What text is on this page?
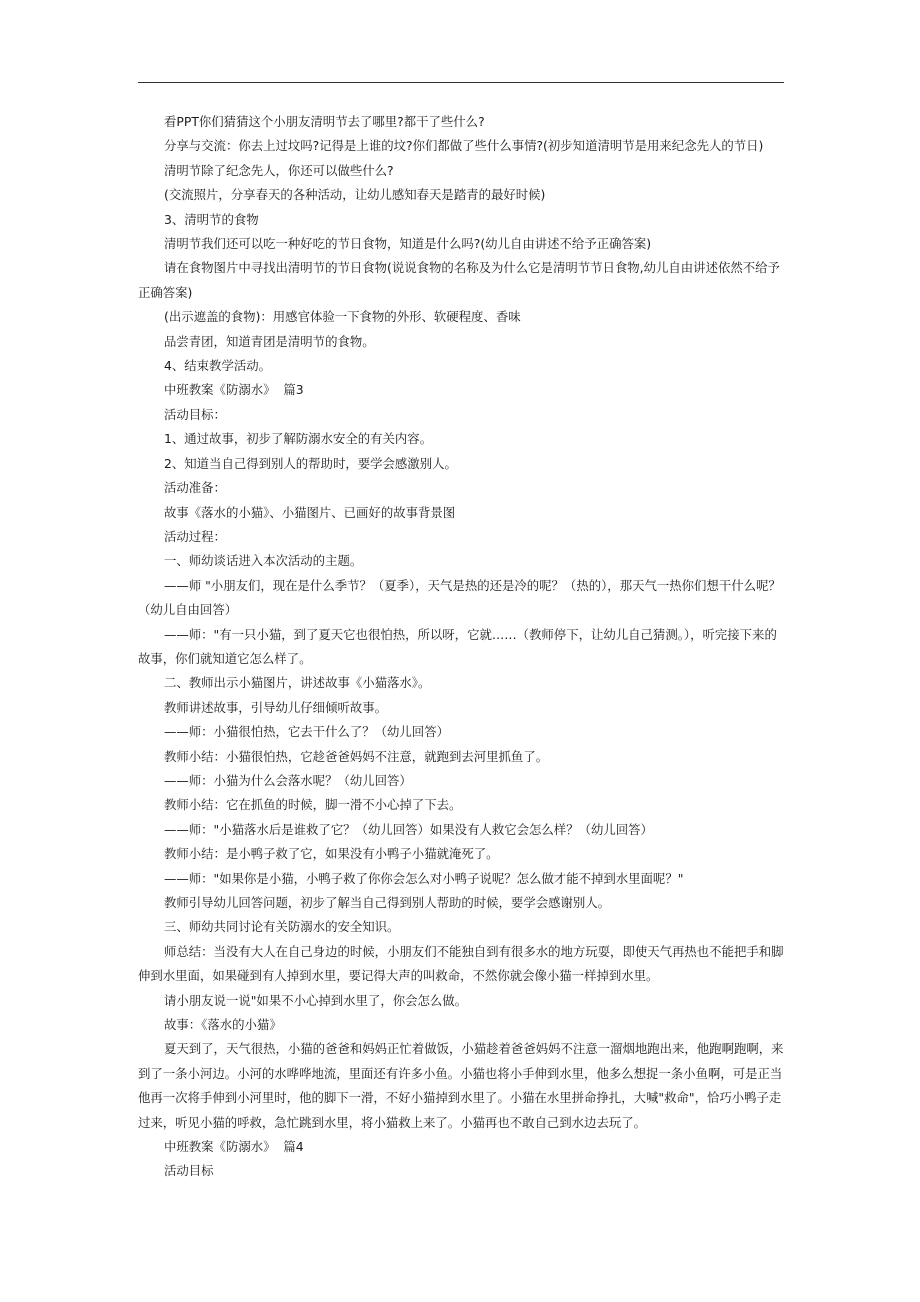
看PPT你们猜猜这个小朋友清明节去了哪里?都干了些什么?

分享与交流：你去上过坟吗?记得是上谁的坟?你们都做了些什么事情?(初步知道清明节是用来纪念先人的节日)

清明节除了纪念先人，你还可以做些什么?

(交流照片，分享春天的各种活动，让幼儿感知春天是踏青的最好时候)

3、清明节的食物

清明节我们还可以吃一种好吃的节日食物，知道是什么吗?(幼儿自由讲述不给予正确答案)

请在食物图片中寻找出清明节的节日食物(说说食物的名称及为什么它是清明节节日食物,幼儿自由讲述依然不给予正确答案)

(出示遮盖的食物)：用感官体验一下食物的外形、软硬程度、香味

品尝青团，知道青团是清明节的食物。

4、结束教学活动。

中班教案《防溺水》  篇3

活动目标：

1、通过故事，初步了解防溺水安全的有关内容。

2、知道当自己得到别人的帮助时，要学会感激别人。

活动准备：

故事《落水的小猫》、小猫图片、已画好的故事背景图

活动过程：

一、师幼谈话进入本次活动的主题。

——师 "小朋友们，现在是什么季节？（夏季），天气是热的还是冷的呢？（热的），那天气一热你们想干什么呢？（幼儿自由回答）

——师："有一只小猫，到了夏天它也很怕热，所以呀，它就……（教师停下，让幼儿自己猜测。），听完接下来的故事，你们就知道它怎么样了。

二、教师出示小猫图片，讲述故事《小猫落水》。

教师讲述故事，引导幼儿仔细倾听故事。

——师：小猫很怕热，它去干什么了？（幼儿回答）

教师小结：小猫很怕热，它趁爸爸妈妈不注意，就跑到去河里抓鱼了。

——师：小猫为什么会落水呢？（幼儿回答）

教师小结：它在抓鱼的时候，脚一滑不小心掉了下去。

——师："小猫落水后是谁救了它？（幼儿回答）如果没有人救它会怎么样？（幼儿回答）

教师小结：是小鸭子救了它，如果没有小鸭子小猫就淹死了。

——师："如果你是小猫，小鸭子救了你你会怎么对小鸭子说呢？怎么做才能不掉到水里面呢？"

教师引导幼儿回答问题，初步了解当自己得到别人帮助的时候，要学会感谢别人。

三、师幼共同讨论有关防溺水的安全知识。

师总结：当没有大人在自己身边的时候，小朋友们不能独自到有很多水的地方玩耍，即使天气再热也不能把手和脚伸到水里面，如果碰到有人掉到水里，要记得大声的叫救命，不然你就会像小猫一样掉到水里。

请小朋友说一说"如果不小心掉到水里了，你会怎么做。

故事：《落水的小猫》

夏天到了，天气很热，小猫的爸爸和妈妈正忙着做饭，小猫趁着爸爸妈妈不注意一溜烟地跑出来，他跑啊跑啊，来到了一条小河边。小河的水哗哗地流，里面还有许多小鱼。小猫也将小手伸到水里，他多么想捉一条小鱼啊，可是正当他再一次将手伸到小河里时，他的脚下一滑，不好小猫掉到水里了。小猫在水里拼命挣扎，大喊"救命"，恰巧小鸭子走过来，听见小猫的呼救，急忙跳到水里，将小猫救上来了。小猫再也不敢自己到水边去玩了。

中班教案《防溺水》  篇4

活动目标
